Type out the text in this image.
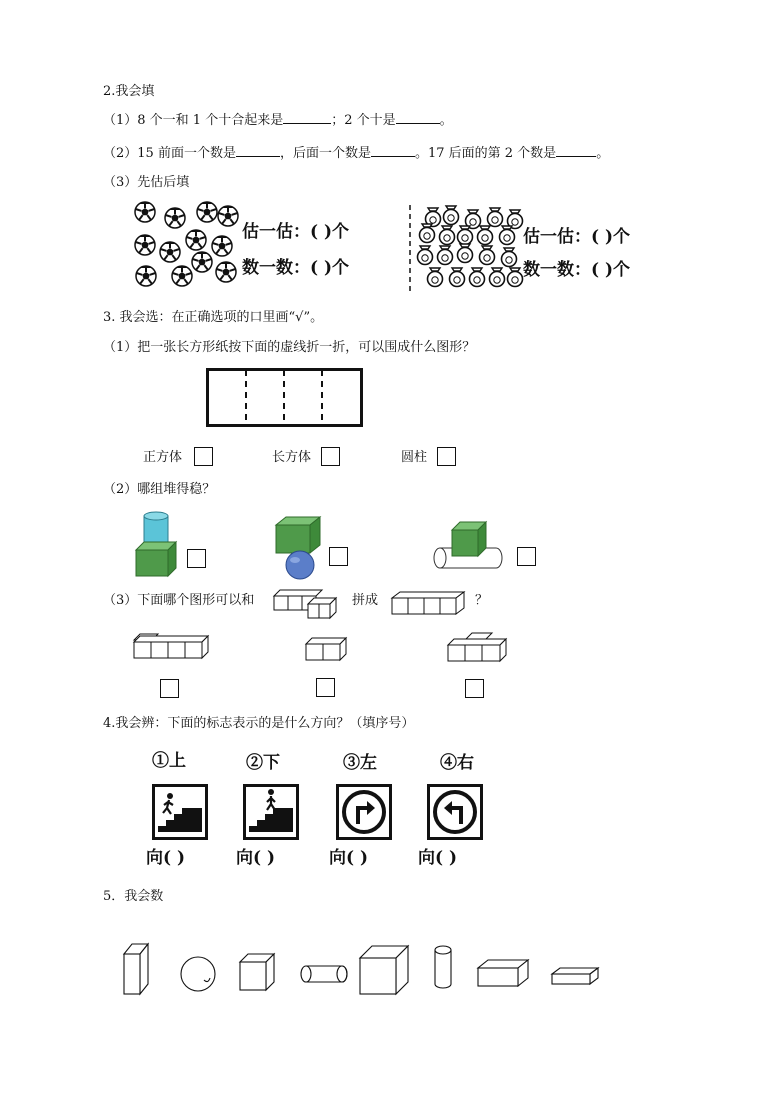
2.我会填
（1）8 个一和 1 个十合起来是	；2 个十是	。
（2）15 前面一个数是	，后面一个数是	。17 后面的第 2 个数是	。
（3）先估后填
估一估：( )个
数一数：( )个
估一估：( )个
数一数：( )个
3. 我会选：在正确选项的口里画“√”。
（1）把一张长方形纸按下面的虚线折一折，可以围成什么图形？
正方体	长方体	圆柱
（2）哪组堆得稳？
（3）下面哪个图形可以和	拼成	？
4.我会辨：下面的标志表示的是什么方向？（填序号）
①上	②下	③左	④右
向( )	向( )	向( )	向( )
5．我会数
